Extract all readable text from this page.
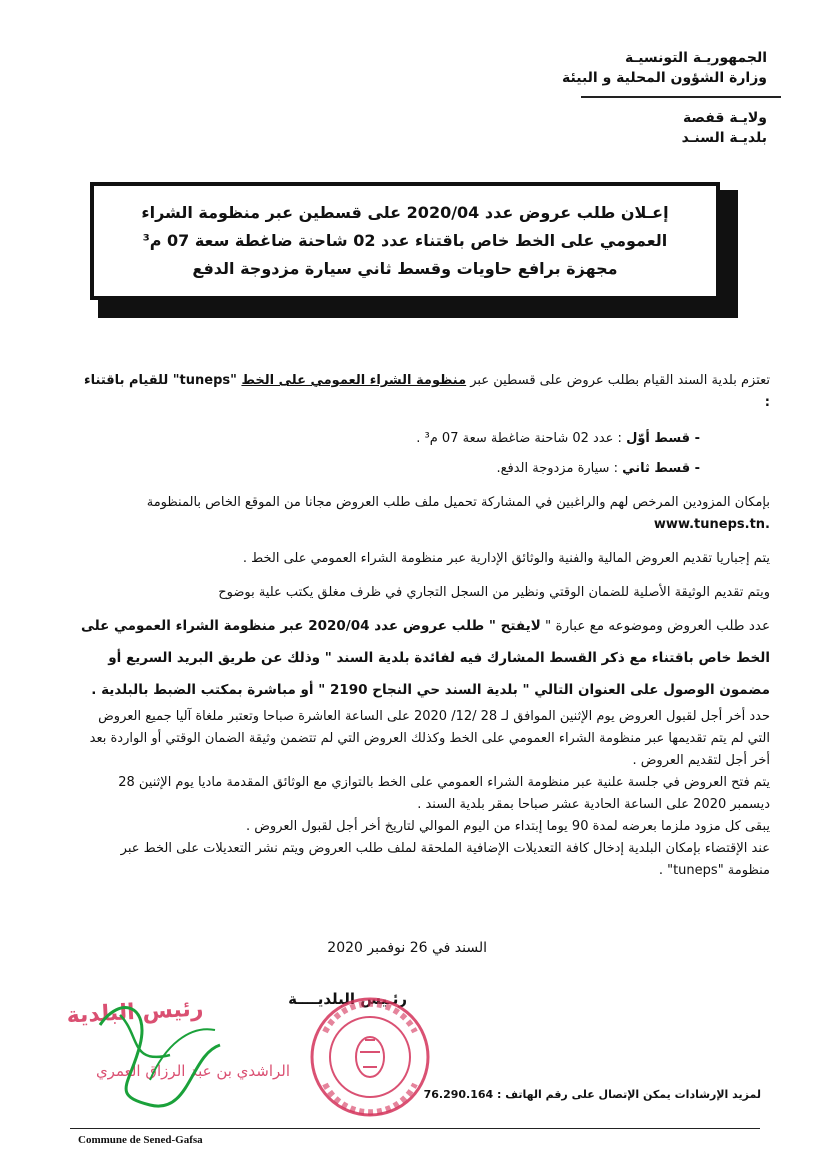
الجمهوريـة التونسيـة
وزارة الشؤون المحلية و البيئة
ولايـة قفصة
بلديـة السنـد
إعـلان طلب عروض عدد 2020/04 على قسطين عبر منظومة الشراء
العمومي على الخط خاص باقتناء عدد 02 شاحنة ضاغطة سعة 07 م³
مجهزة برافع حاويات وقسط ثاني سيارة مزدوجة الدفع

تعتزم بلدية السند القيام بطلب عروض على قسطين عبر منظومة الشراء العمومي على الخط "tuneps" للقيام باقتناء :

- قسط أوّل : عدد 02 شاحنة ضاغطة سعة 07 م³ .

- قسط ثاني : سيارة مزدوجة الدفع.

بإمكان المزودين المرخص لهم والراغبين في المشاركة تحميل ملف طلب العروض مجانا من الموقع الخاص بالمنظومة www.tuneps.tn.

يتم إجباريا تقديم العروض المالية والفنية والوثائق الإدارية عبر منظومة الشراء العمومي على الخط .

ويتم تقديم الوثيقة الأصلية للضمان الوقتي ونظير من السجل التجاري في ظرف مغلق يكتب علية بوضوح

عدد طلب العروض وموضوعه مع عبارة " لايفتح " طلب عروض عدد 2020/04 عبر منظومة الشراء العمومي على الخط خاص باقتناء مع ذكر القسط المشارك فيه لفائدة بلدية السند " وذلك عن طريق البريد السريع أو مضمون الوصول على العنوان التالي " بلدية السند حي النجاح 2190 " أو مباشرة بمكتب الضبط بالبلدية .

حدد أخر أجل لقبول العروض يوم الإثنين الموافق لـ 28 /12/ 2020 على الساعة العاشرة صباحا وتعتبر ملغاة آليا جميع العروض التي لم يتم تقديمها عبر منظومة الشراء العمومي على الخط وكذلك العروض التي لم تتضمن وثيقة الضمان الوقتي أو الواردة بعد أخر أجل لتقديم العروض .

يتم فتح العروض في جلسة علنية عبر منظومة الشراء العمومي على الخط بالتوازي مع الوثائق المقدمة ماديا يوم الإثنين 28 ديسمبر 2020 على الساعة الحادية عشر صباحا بمقر بلدية السند .

يبقى كل مزود ملزما بعرضه لمدة 90 يوما إبتداء من اليوم الموالي لتاريخ أخر أجل لقبول العروض .

عند الإقتضاء بإمكان البلدية إدخال كافة التعديلات الإضافية الملحقة لملف طلب العروض ويتم نشر التعديلات على الخط عبر منظومة "tuneps" .

السند في 26 نوفمبر 2020
رئـيس البلديــــة
رئيس البلدية
الراشدي بن عبد الرزاق العمري
لمزيد الإرشادات يمكن الإتصال على رقم الهاتف : 76.290.164
Commune de Sened-Gafsa
